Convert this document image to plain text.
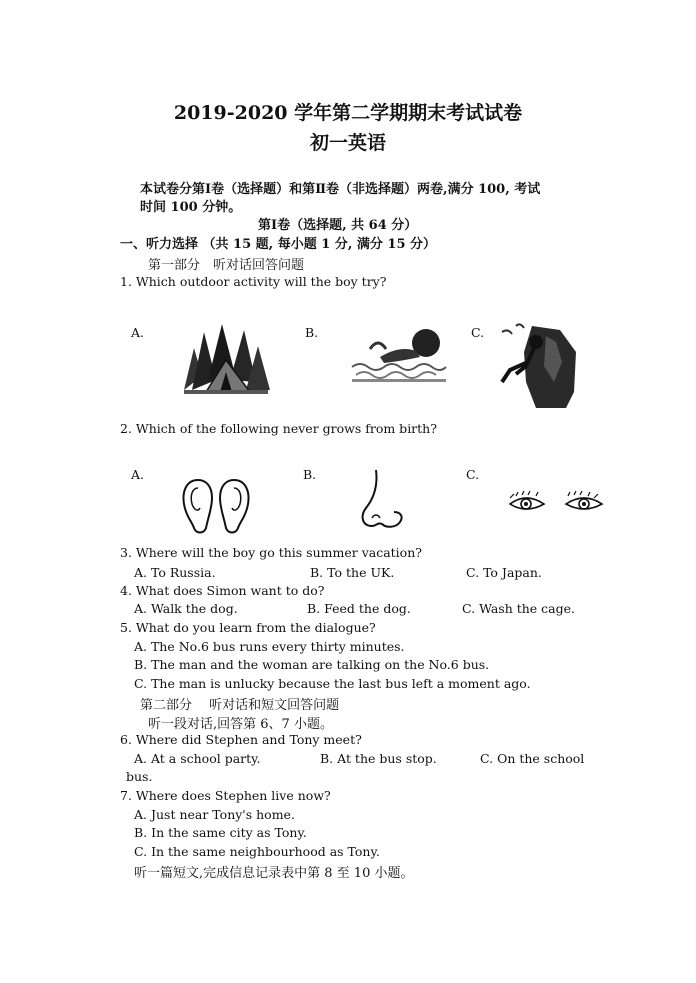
2019-2020 学年第二学期期末考试试卷
初一英语
本试卷分第Ⅰ卷（选择题）和第Ⅱ卷（非选择题）两卷,满分 100, 考试
时间 100 分钟。
第Ⅰ卷（选择题, 共 64 分）
一、听力选择 （共 15 题, 每小题 1 分, 满分 15 分）
第一部分　听对话回答问题
1. Which outdoor activity will the boy try?
A.	B.	C.
2. Which of the following never grows from birth?
A.	B.	C.
3. Where will the boy go this summer vacation?
A. To Russia.	B. To the UK.	C. To Japan.
4. What does Simon want to do?
A. Walk the dog.	B. Feed the dog.	C. Wash the cage.
5. What do you learn from the dialogue?
A. The No.6 bus runs every thirty minutes.
B. The man and the woman are talking on the No.6 bus.
C. The man is unlucky because the last bus left a moment ago.
第二部分　 听对话和短文回答问题
听一段对话,回答第 6、7 小题。
6. Where did Stephen and Tony meet?
A. At a school party.	B. At the bus stop.	C. On the school
bus.
7. Where does Stephen live now?
A. Just near Tony's home.
B. In the same city as Tony.
C. In the same neighbourhood as Tony.
听一篇短文,完成信息记录表中第 8 至 10 小题。
